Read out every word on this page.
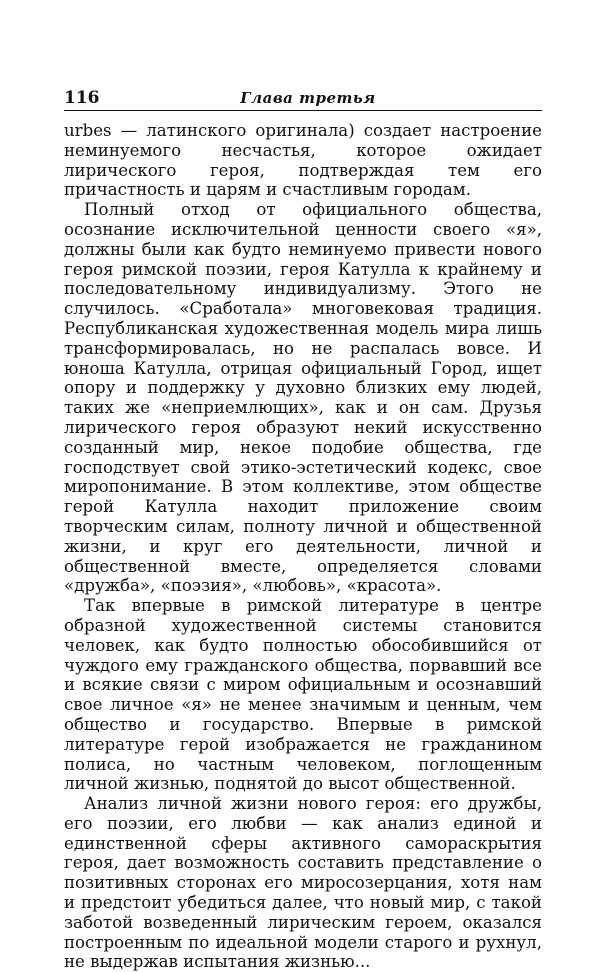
116	Глава третья

urbes — латинского оригинала) создает настроение неминуемого несчастья, которое ожидает лирического героя, подтверждая тем его причастность и царям и счастливым городам.

Полный отход от официального общества, осознание исключительной ценности своего «я», должны были как будто неминуемо привести нового героя римской поэзии, героя Катулла к крайнему и последовательному индивидуализму. Этого не случилось. «Сработала» многовековая традиция. Республиканская художественная модель мира лишь трансформировалась, но не распалась вовсе. И юноша Катулла, отрицая официальный Город, ищет опору и поддержку у духовно близких ему людей, таких же «неприемлющих», как и он сам. Друзья лирического героя образуют некий искусственно созданный мир, некое подобие общества, где господствует свой этико-эстетический кодекс, свое миропонимание. В этом коллективе, этом обществе герой Катулла находит приложение своим творческим силам, полноту личной и общественной жизни, и круг его деятельности, личной и общественной вместе, определяется словами «дружба», «поэзия», «любовь», «красота».

Так впервые в римской литературе в центре образной художественной системы становится человек, как будто полностью обособившийся от чуждого ему гражданского общества, порвавший все и всякие связи с миром официальным и осознавший свое личное «я» не менее значимым и ценным, чем общество и государство. Впервые в римской литературе герой изображается не гражданином полиса, но частным человеком, поглощенным личной жизнью, поднятой до высот общественной.

Анализ личной жизни нового героя: его дружбы, его поэзии, его любви — как анализ единой и единственной сферы активного самораскрытия героя, дает возможность составить представление о позитивных сторонах его миросозерцания, хотя нам и предстоит убедиться далее, что новый мир, с такой заботой возведенный лирическим героем, оказался построенным по идеальной модели старого и рухнул, не выдержав испытания жизнью...
